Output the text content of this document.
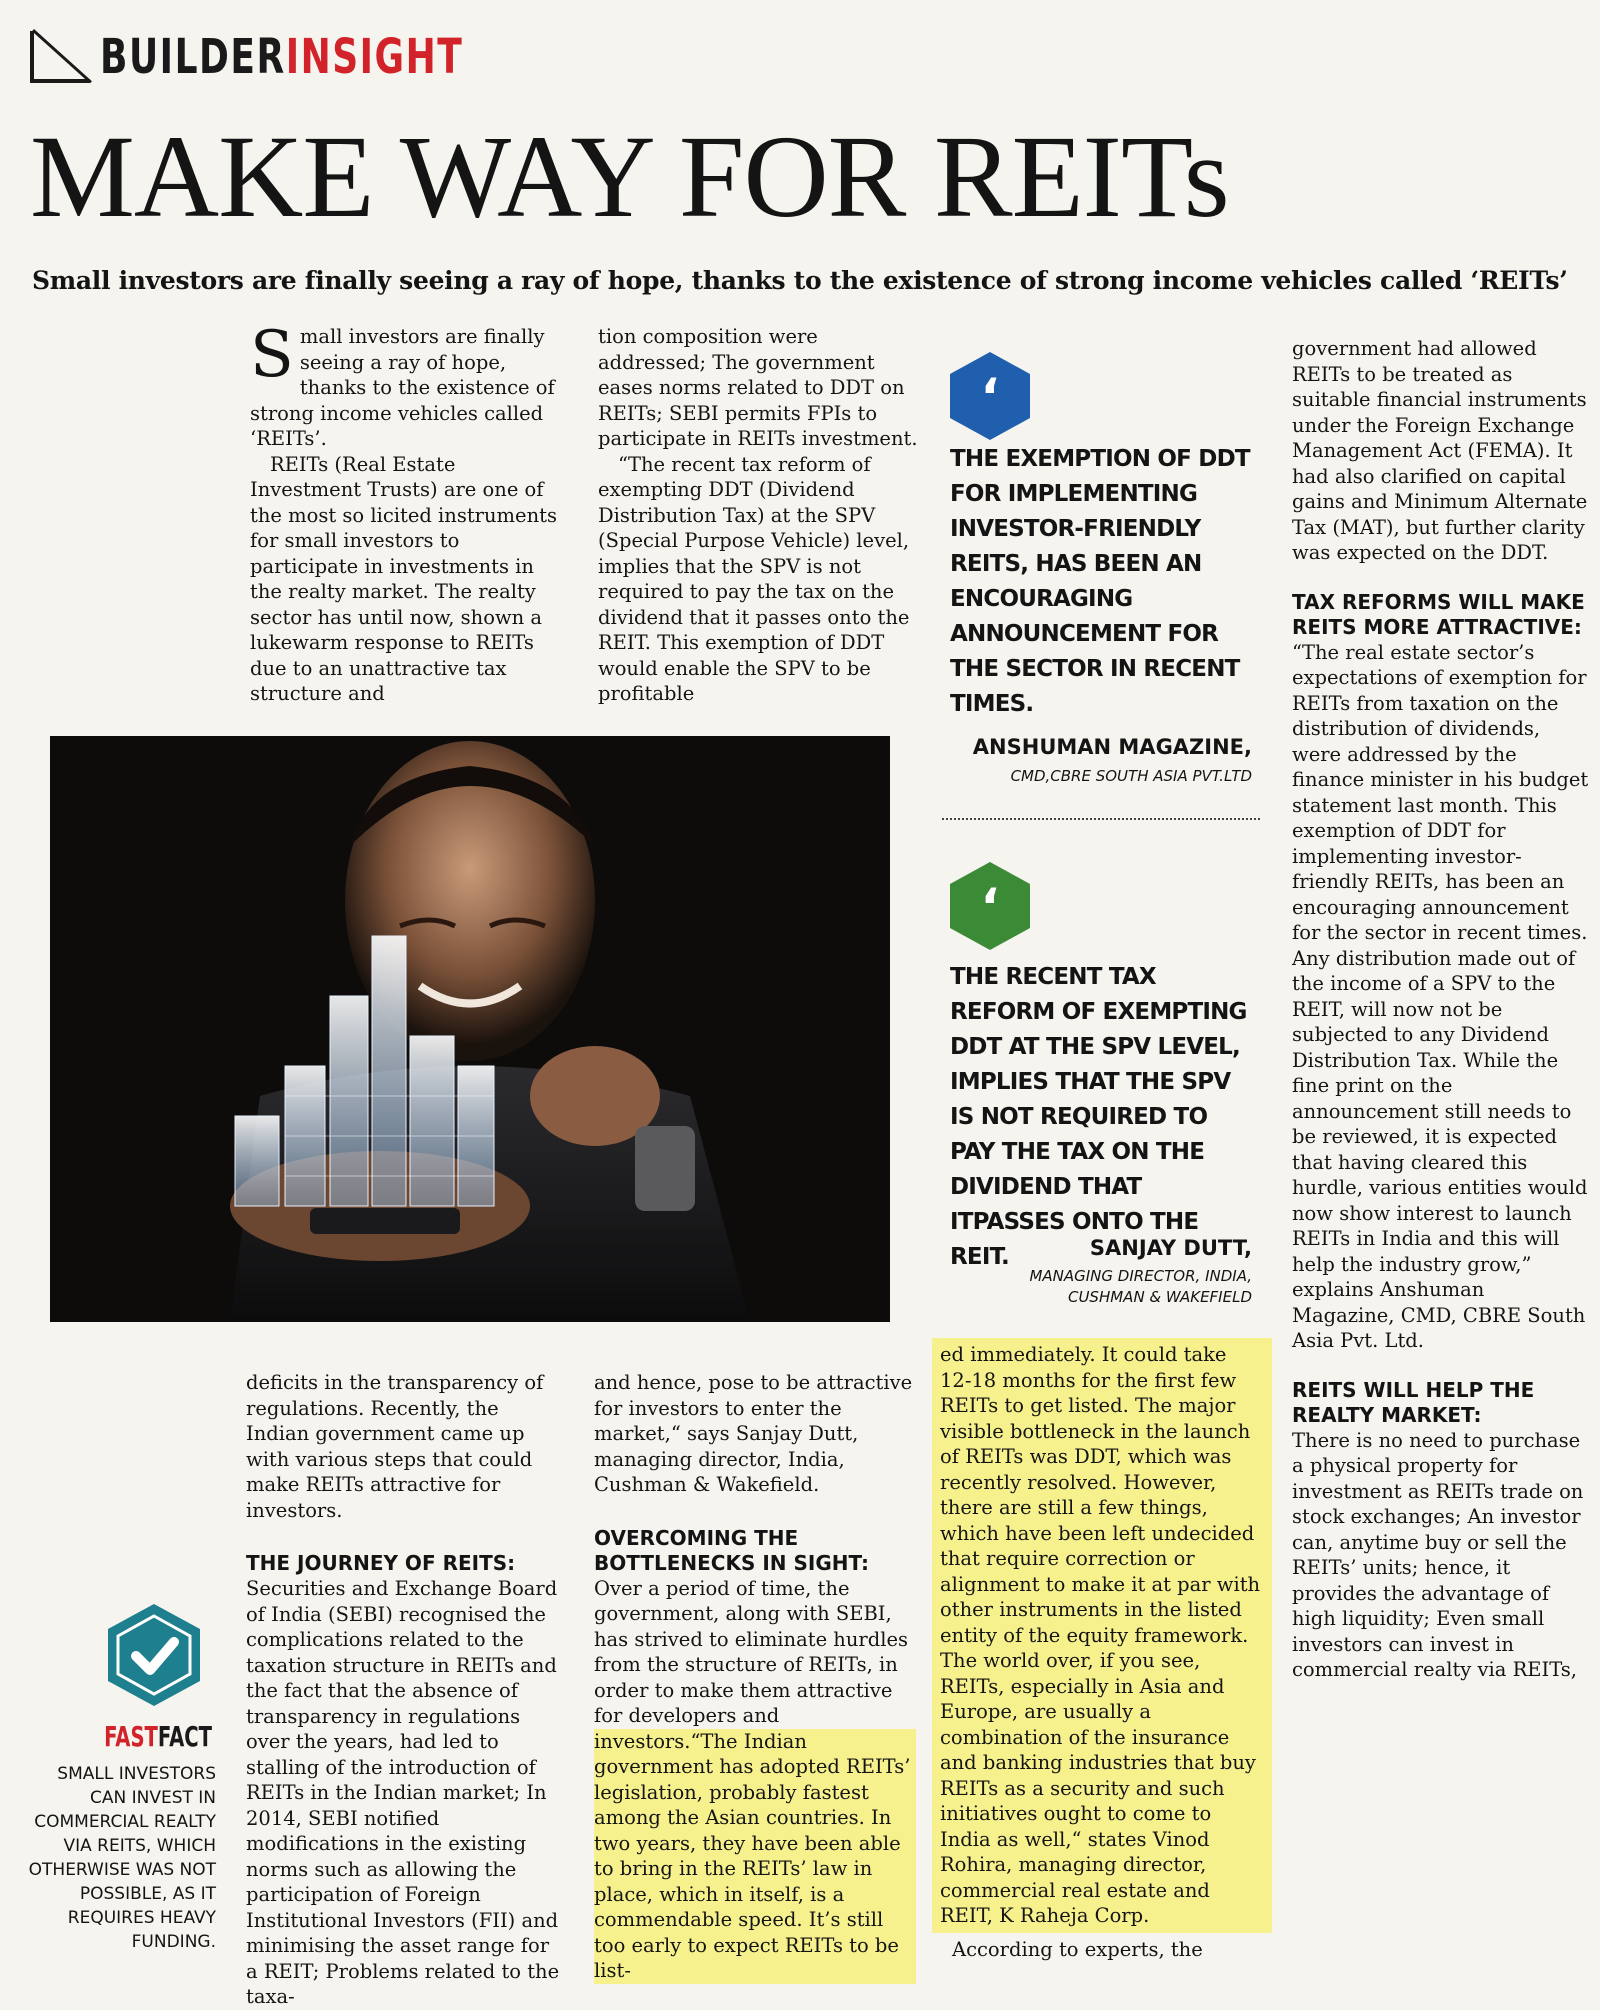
BUILDERINSIGHT
MAKE WAY FOR REITs

Small investors are finally seeing a ray of hope, thanks to the existence of strong income vehicles called ‘REITs’

Small investors are finally seeing a ray of hope, thanks to the existence of strong income vehicles called ‘REITs’.

REITs (Real Estate Investment Trusts) are one of the most so licited instruments for small investors to participate in investments in the realty market. The realty sector has until now, shown a lukewarm response to REITs due to an unattractive tax structure and

tion composition were addressed; The government eases norms related to DDT on REITs; SEBI permits FPIs to participate in REITs investment.

“The recent tax reform of exempting DDT (Dividend Distribution Tax) at the SPV (Special Purpose Vehicle) level, implies that the SPV is not required to pay the tax on the dividend that it passes onto the REIT. This exemption of DDT would enable the SPV to be profitable

‘
THE EXEMPTION OF DDT FOR IMPLEMENTING INVESTOR-FRIENDLY REITS, HAS BEEN AN ENCOURAGING ANNOUNCEMENT FOR THE SECTOR IN RECENT TIMES.
ANSHUMAN MAGAZINE,
CMD,CBRE SOUTH ASIA PVT.LTD
‘
THE RECENT TAX REFORM OF EXEMPTING DDT AT THE SPV LEVEL, IMPLIES THAT THE SPV IS NOT REQUIRED TO PAY THE TAX ON THE DIVIDEND THAT ITPASSES ONTO THE REIT.	SANJAY DUTT,
MANAGING DIRECTOR, INDIA,
CUSHMAN & WAKEFIELD

government had allowed REITs to be treated as suitable financial instruments under the Foreign Exchange Management Act (FEMA). It had also clarified on capital gains and Minimum Alternate Tax (MAT), but further clarity was expected on the DDT.

TAX REFORMS WILL MAKE REITS MORE ATTRACTIVE:

“The real estate sector’s expectations of exemption for REITs from taxation on the distribution of dividends, were addressed by the finance minister in his budget statement last month. This exemption of DDT for implementing investor-friendly REITs, has been an encouraging announcement for the sector in recent times. Any distribution made out of the income of a SPV to the REIT, will now not be subjected to any Dividend Distribution Tax. While the fine print on the announcement still needs to be reviewed, it is expected that having cleared this hurdle, various entities would now show interest to launch REITs in India and this will help the industry grow,” explains Anshuman Magazine, CMD, CBRE South Asia Pvt. Ltd.

REITS WILL HELP THE REALTY MARKET:

There is no need to purchase a physical property for investment as REITs trade on stock exchanges; An investor can, anytime buy or sell the REITs’ units; hence, it provides the advantage of high liquidity; Even small investors can invest in commercial realty via REITs,

deficits in the transparency of regulations. Recently, the Indian government came up with various steps that could make REITs attractive for investors.

THE JOURNEY OF REITS:

Securities and Exchange Board of India (SEBI) recognised the complications related to the taxation structure in REITs and the fact that the absence of transparency in regulations over the years, had led to stalling of the introduction of REITs in the Indian market; In 2014, SEBI notified modifications in the existing norms such as allowing the participation of Foreign Institutional Investors (FII) and minimising the asset range for a REIT; Problems related to the taxa-

and hence, pose to be attractive for investors to enter the market,“ says Sanjay Dutt, managing director, India, Cushman & Wakefield.

OVERCOMING THE BOTTLENECKS IN SIGHT:

Over a period of time, the government, along with SEBI, has strived to eliminate hurdles from the structure of REITs, in order to make them attractive for developers and

investors.“The Indian government has adopted REITs’ legislation, probably fastest among the Asian countries. In two years, they have been able to bring in the REITs’ law in place, which in itself, is a commendable speed. It’s still too early to expect REITs to be list-

ed immediately. It could take 12-18 months for the first few REITs to get listed. The major visible bottleneck in the launch of REITs was DDT, which was recently resolved. However, there are still a few things, which have been left undecided that require correction or alignment to make it at par with other instruments in the listed entity of the equity framework. The world over, if you see, REITs, especially in Asia and Europe, are usually a combination of the insurance and banking industries that buy REITs as a security and such initiatives ought to come to India as well,“ states Vinod Rohira, managing director, commercial real estate and REIT, K Raheja Corp.

According to experts, the

FASTFACT
SMALL INVESTORS CAN INVEST IN COMMERCIAL REALTY VIA REITS, WHICH OTHERWISE WAS NOT POSSIBLE, AS IT REQUIRES HEAVY FUNDING.
